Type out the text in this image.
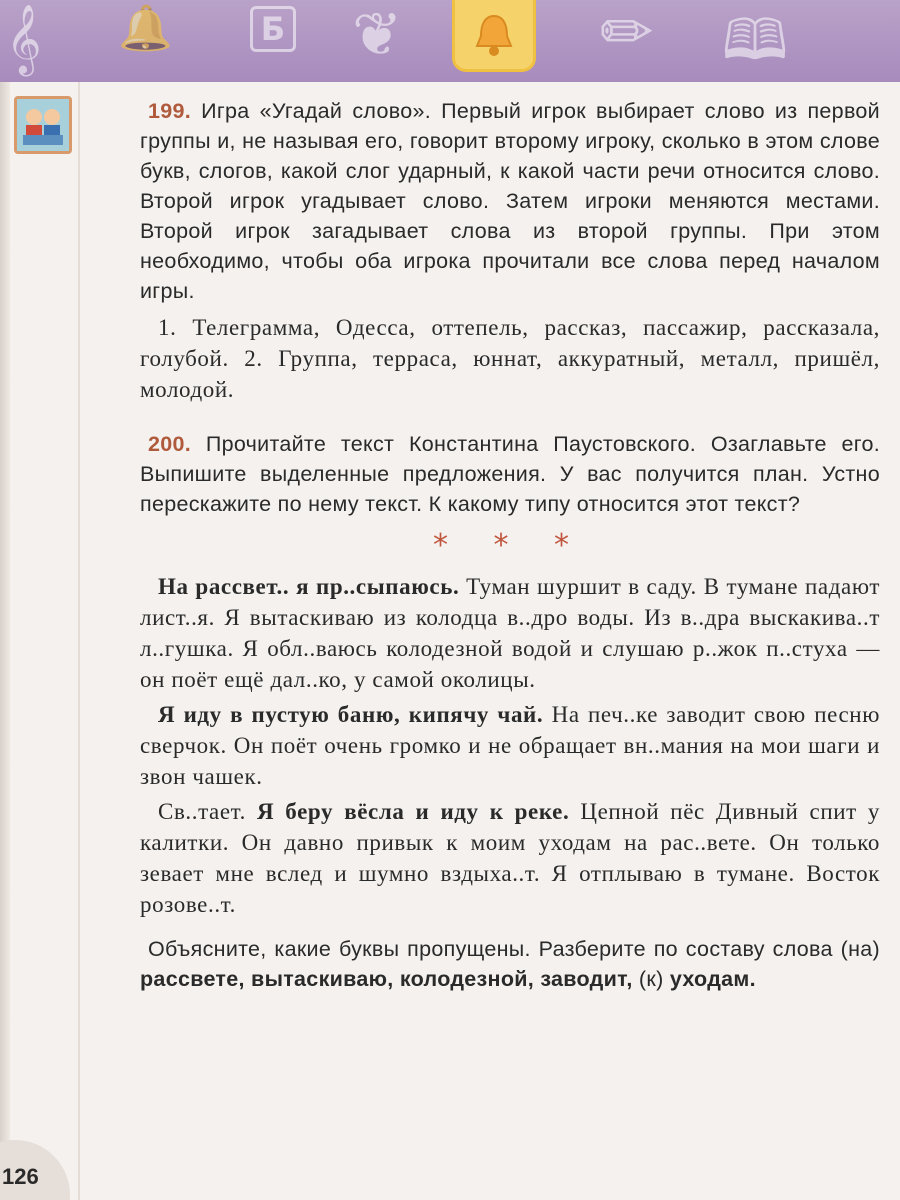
𝄞 🔔	Б ❦	✏ 🕮

199. Игра «Угадай слово». Первый игрок выбирает слово из первой группы и, не называя его, говорит второму игроку, сколько в этом слове букв, слогов, какой слог ударный, к какой части речи относится слово. Второй игрок угадывает слово. Затем игроки меняются местами. Второй игрок загадывает слова из второй группы. При этом необходимо, чтобы оба игрока прочитали все слова перед началом игры.

1. Телеграмма, Одесса, оттепель, рассказ, пассажир, рассказала, голубой. 2. Группа, терраса, юннат, аккуратный, металл, пришёл, молодой.

200. Прочитайте текст Константина Паустовского. Озаглавьте его. Выпишите выделенные предложения. У вас получится план. Устно перескажите по нему текст. К какому типу относится этот текст?

* * *

На рассвет.. я пр..сыпаюсь. Туман шуршит в саду. В тумане падают лист..я. Я вытаскиваю из колодца в..дро воды. Из в..дра выскакива..т л..гушка. Я обл..ваюсь колодезной водой и слушаю р..жок п..стуха — он поёт ещё дал..ко, у самой околицы.

Я иду в пустую баню, кипячу чай. На печ..ке заводит свою песню сверчок. Он поёт очень громко и не обращает вн..мания на мои шаги и звон чашек.

Св..тает. Я беру вёсла и иду к реке. Цепной пёс Дивный спит у калитки. Он давно привык к моим уходам на рас..вете. Он только зевает мне вслед и шумно вздыха..т. Я отплываю в тумане. Восток розове..т.

Объясните, какие буквы пропущены. Разберите по составу слова (на) рассвете, вытаскиваю, колодезной, заводит, (к) уходам.

126
